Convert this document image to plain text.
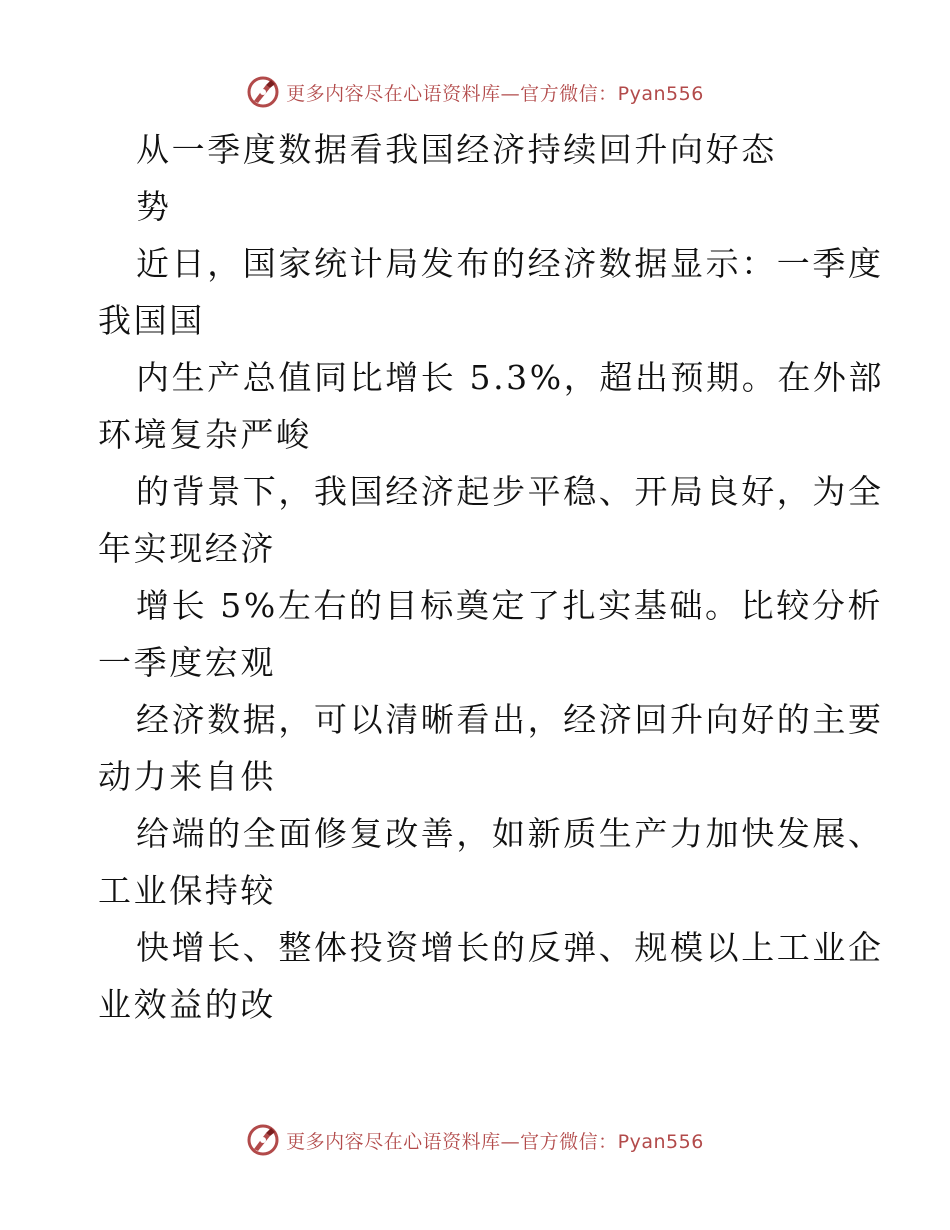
更多内容尽在心语资料库—官方微信：Pyan556
从一季度数据看我国经济持续回升向好态
势
近日，国家统计局发布的经济数据显示：一季度
我国国
内生产总值同比增长 5.3%，超出预期。在外部
环境复杂严峻
的背景下，我国经济起步平稳、开局良好，为全
年实现经济
增长 5%左右的目标奠定了扎实基础。比较分析
一季度宏观
经济数据，可以清晰看出，经济回升向好的主要
动力来自供
给端的全面修复改善，如新质生产力加快发展、
工业保持较
快增长、整体投资增长的反弹、规模以上工业企
业效益的改
更多内容尽在心语资料库—官方微信：Pyan556
